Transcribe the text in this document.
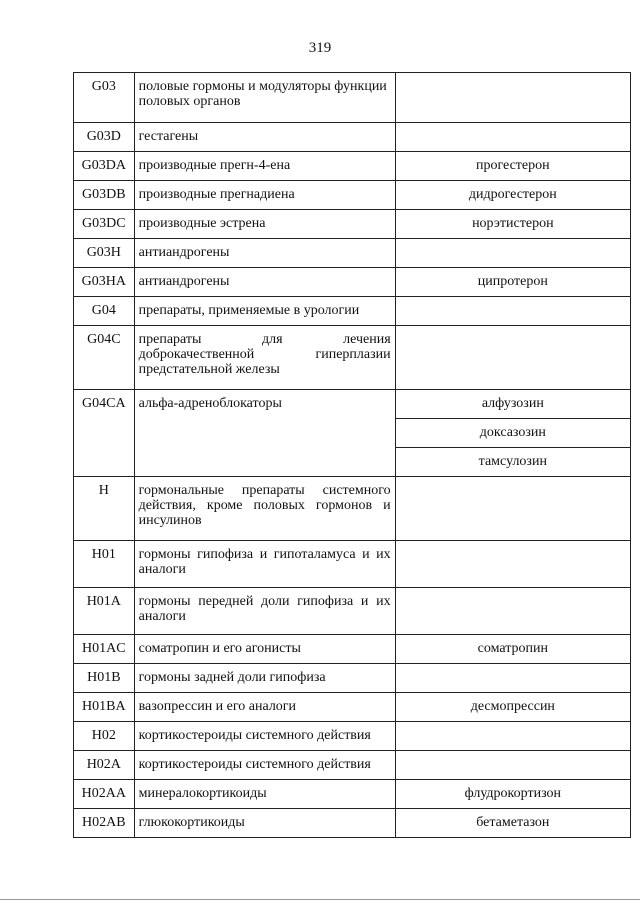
319
G03	половые гормоны и модуляторы функции половых органов	
G03D	гестагены	
G03DA	производные прегн-4-ена	прогестерон
G03DB	производные прегнадиена	дидрогестерон
G03DC	производные эстрена	норэтистерон
G03H	антиандрогены	
G03HA	антиандрогены	ципротерон
G04	препараты, применяемые в урологии	
G04C	препараты для лечения доброкачественной гиперплазии предстательной железы	
G04CA	альфа-адреноблокаторы	алфузозин
		доксазозин
		тамсулозин
H	гормональные препараты системного действия, кроме половых гормонов и инсулинов	
H01	гормоны гипофиза и гипоталамуса и их аналоги	
H01A	гормоны передней доли гипофиза и их аналоги	
H01AC	соматропин и его агонисты	соматропин
H01B	гормоны задней доли гипофиза	
H01BA	вазопрессин и его аналоги	десмопрессин
H02	кортикостероиды системного действия	
H02A	кортикостероиды системного действия	
H02AA	минералокортикоиды	флудрокортизон
H02AB	глюкокортикоиды	бетаметазон
